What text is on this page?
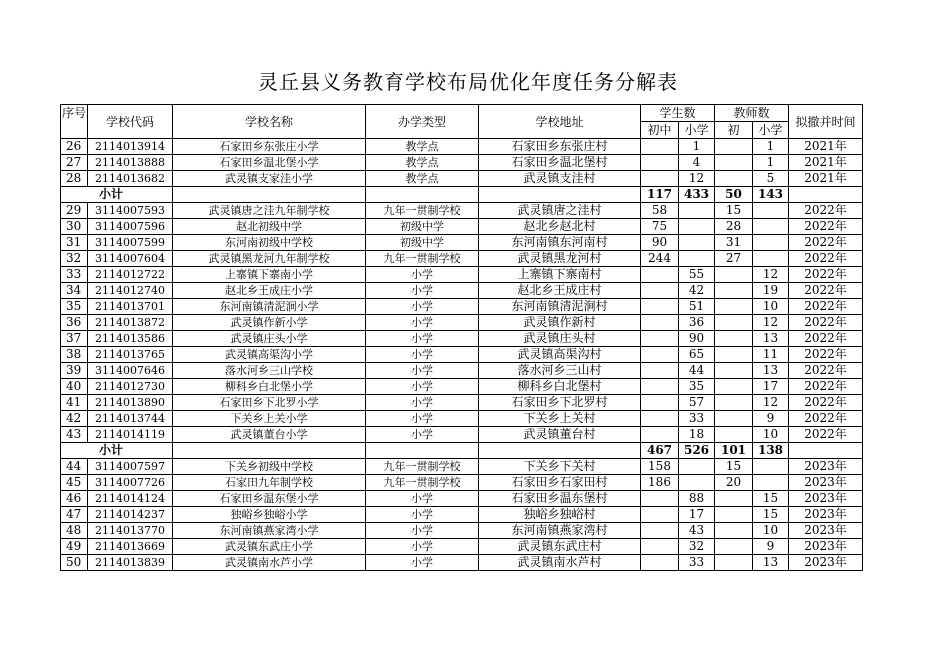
灵丘县义务教育学校布局优化年度任务分解表
序号	学校代码	学校名称	办学类型	学校地址	学生数		教师数		拟撤并时间
					初中	小学	初	小学	
26	2114013914	石家田乡东张庄小学	教学点	石家田乡东张庄村		1		1	2021年
27	2114013888	石家田乡温北堡小学	教学点	石家田乡温北堡村		4		1	2021年
28	2114013682	武灵镇支家洼小学	教学点	武灵镇支洼村		12		5	2021年
小计					117	433	50	143	
29	3114007593	武灵镇唐之洼九年制学校	九年一贯制学校	武灵镇唐之洼村	58		15		2022年
30	3114007596	赵北初级中学	初级中学	赵北乡赵北村	75		28		2022年
31	3114007599	东河南初级中学校	初级中学	东河南镇东河南村	90		31		2022年
32	3114007604	武灵镇黑龙河九年制学校	九年一贯制学校	武灵镇黑龙河村	244		27		2022年
33	2114012722	上寨镇下寨南小学	小学	上寨镇下寨南村		55		12	2022年
34	2114012740	赵北乡王成庄小学	小学	赵北乡王成庄村		42		19	2022年
35	2114013701	东河南镇清泥涧小学	小学	东河南镇清泥涧村		51		10	2022年
36	2114013872	武灵镇作新小学	小学	武灵镇作新村		36		12	2022年
37	2114013586	武灵镇庄头小学	小学	武灵镇庄头村		90		13	2022年
38	2114013765	武灵镇高渠沟小学	小学	武灵镇高渠沟村		65		11	2022年
39	3114007646	落水河乡三山学校	小学	落水河乡三山村		44		13	2022年
40	2114012730	柳科乡白北堡小学	小学	柳科乡白北堡村		35		17	2022年
41	2114013890	石家田乡下北罗小学	小学	石家田乡下北罗村		57		12	2022年
42	2114013744	下关乡上关小学	小学	下关乡上关村		33		9	2022年
43	2114014119	武灵镇董台小学	小学	武灵镇董台村		18		10	2022年
小计					467	526	101	138	
44	3114007597	下关乡初级中学校	九年一贯制学校	下关乡下关村	158		15		2023年
45	3114007726	石家田九年制学校	九年一贯制学校	石家田乡石家田村	186		20		2023年
46	2114014124	石家田乡温东堡小学	小学	石家田乡温东堡村		88		15	2023年
47	2114014237	独峪乡独峪小学	小学	独峪乡独峪村		17		15	2023年
48	2114013770	东河南镇燕家湾小学	小学	东河南镇燕家湾村		43		10	2023年
49	2114013669	武灵镇东武庄小学	小学	武灵镇东武庄村		32		9	2023年
50	2114013839	武灵镇南水芦小学	小学	武灵镇南水芦村		33		13	2023年
